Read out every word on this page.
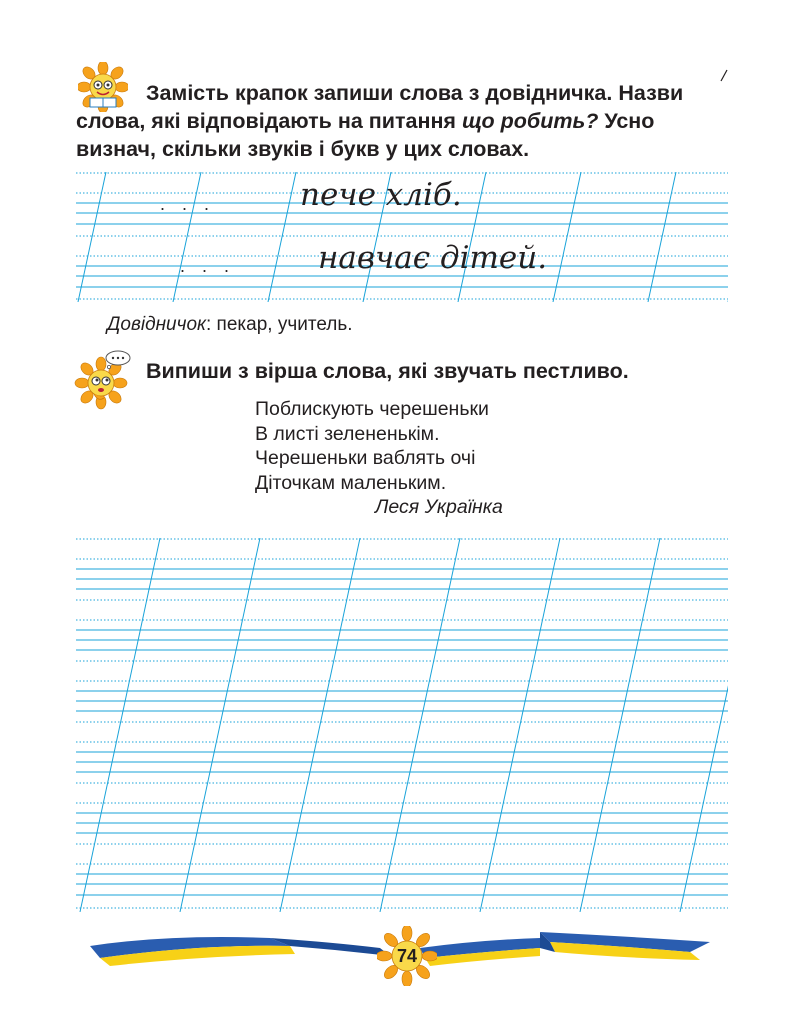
Замість крапок запиши слова з довідничка. Назви
слова, які відповідають на питання що робить? Усно
визнач, скільки звуків і букв у цих словах.
. . .	пече хліб.
. . .	навчає дітей.
Довідничок: пекар, учитель.
Випиши з вірша слова, які звучать пестливо.
Поблискують черешеньки
В листі зелененькім.
Черешеньки ваблять очі
Діточкам маленьким.
Леся Українка
74
